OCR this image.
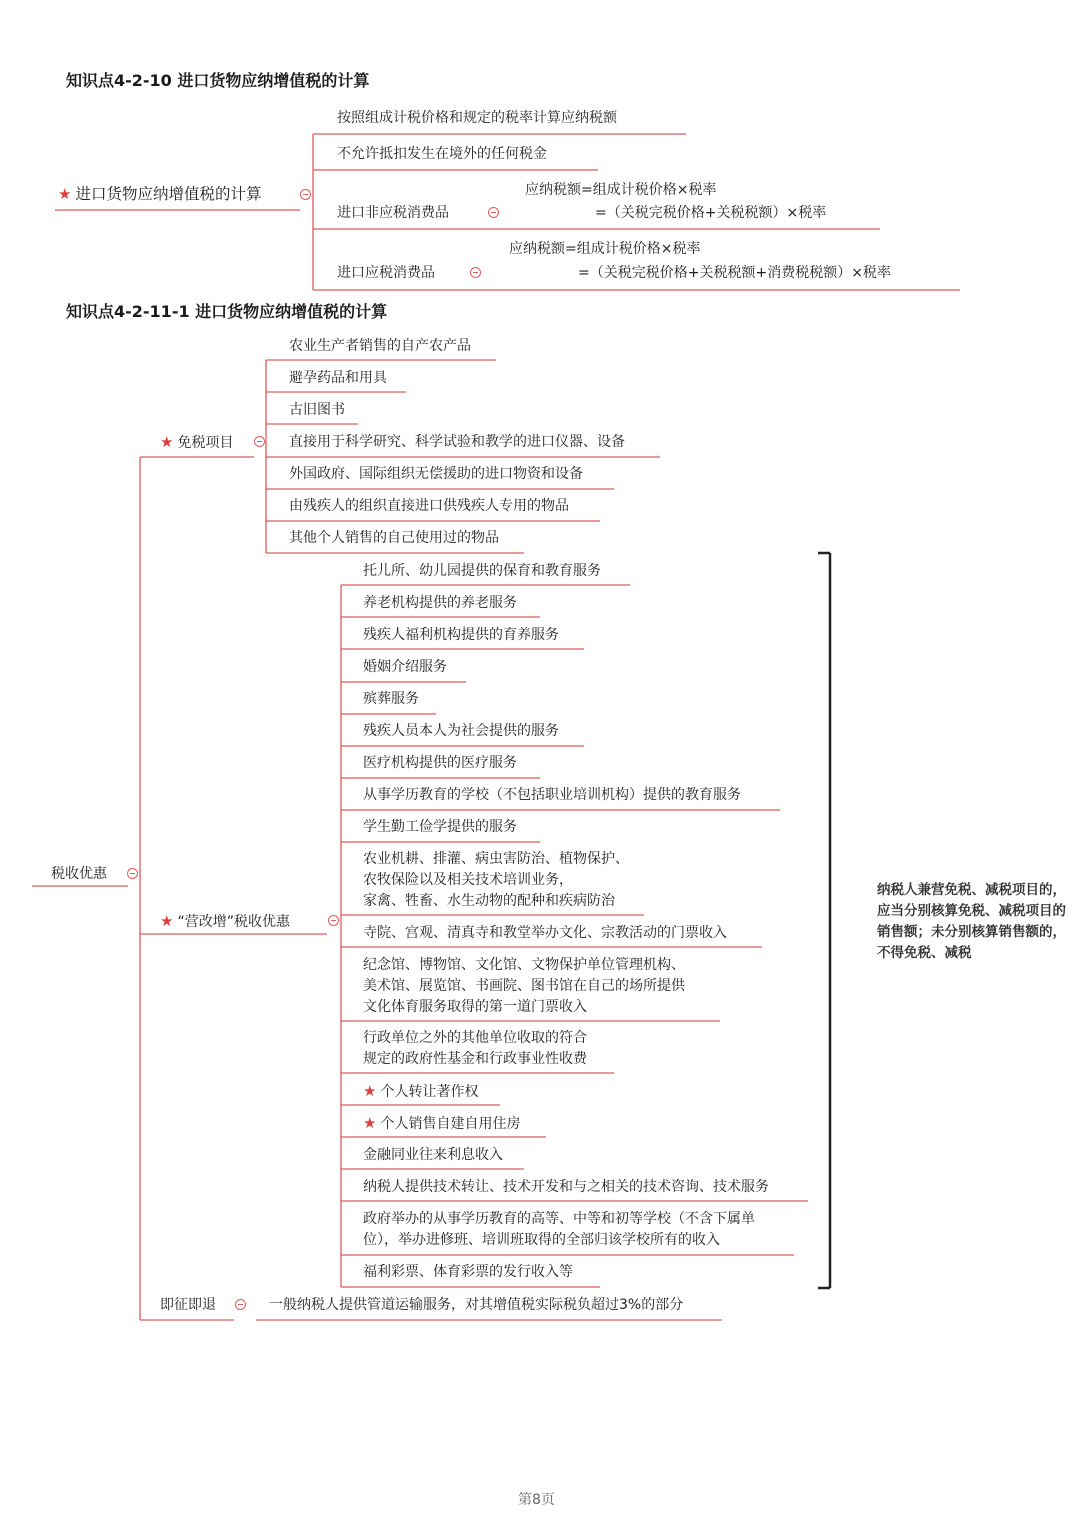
知识点4-2-10 进口货物应纳增值税的计算
★ 进口货物应纳增值税的计算
按照组成计税价格和规定的税率计算应纳税额
不允许抵扣发生在境外的任何税金
应纳税额=组成计税价格×税率
进口非应税消费品	=（关税完税价格+关税税额）×税率
应纳税额=组成计税价格×税率
进口应税消费品	=（关税完税价格+关税税额+消费税税额）×税率
知识点4-2-11-1 进口货物应纳增值税的计算
税收优惠
★ 免税项目
农业生产者销售的自产农产品
避孕药品和用具
古旧图书
直接用于科学研究、科学试验和教学的进口仪器、设备
外国政府、国际组织无偿援助的进口物资和设备
由残疾人的组织直接进口供残疾人专用的物品
其他个人销售的自己使用过的物品
★ “营改增”税收优惠
托儿所、幼儿园提供的保育和教育服务
养老机构提供的养老服务
残疾人福利机构提供的育养服务
婚姻介绍服务
殡葬服务
残疾人员本人为社会提供的服务
医疗机构提供的医疗服务
从事学历教育的学校（不包括职业培训机构）提供的教育服务
学生勤工俭学提供的服务
农业机耕、排灌、病虫害防治、植物保护、
农牧保险以及相关技术培训业务，
家禽、牲畜、水生动物的配种和疾病防治
寺院、宫观、清真寺和教堂举办文化、宗教活动的门票收入
纪念馆、博物馆、文化馆、文物保护单位管理机构、
美术馆、展览馆、书画院、图书馆在自己的场所提供
文化体育服务取得的第一道门票收入
行政单位之外的其他单位收取的符合
规定的政府性基金和行政事业性收费
★ 个人转让著作权
★ 个人销售自建自用住房
金融同业往来利息收入
纳税人提供技术转让、技术开发和与之相关的技术咨询、技术服务
政府举办的从事学历教育的高等、中等和初等学校（不含下属单
位），举办进修班、培训班取得的全部归该学校所有的收入
福利彩票、体育彩票的发行收入等
即征即退	一般纳税人提供管道运输服务，对其增值税实际税负超过3%的部分
纳税人兼营免税、减税项目的，应当分别核算免税、减税项目的销售额；未分别核算销售额的，不得免税、减税
第8页
